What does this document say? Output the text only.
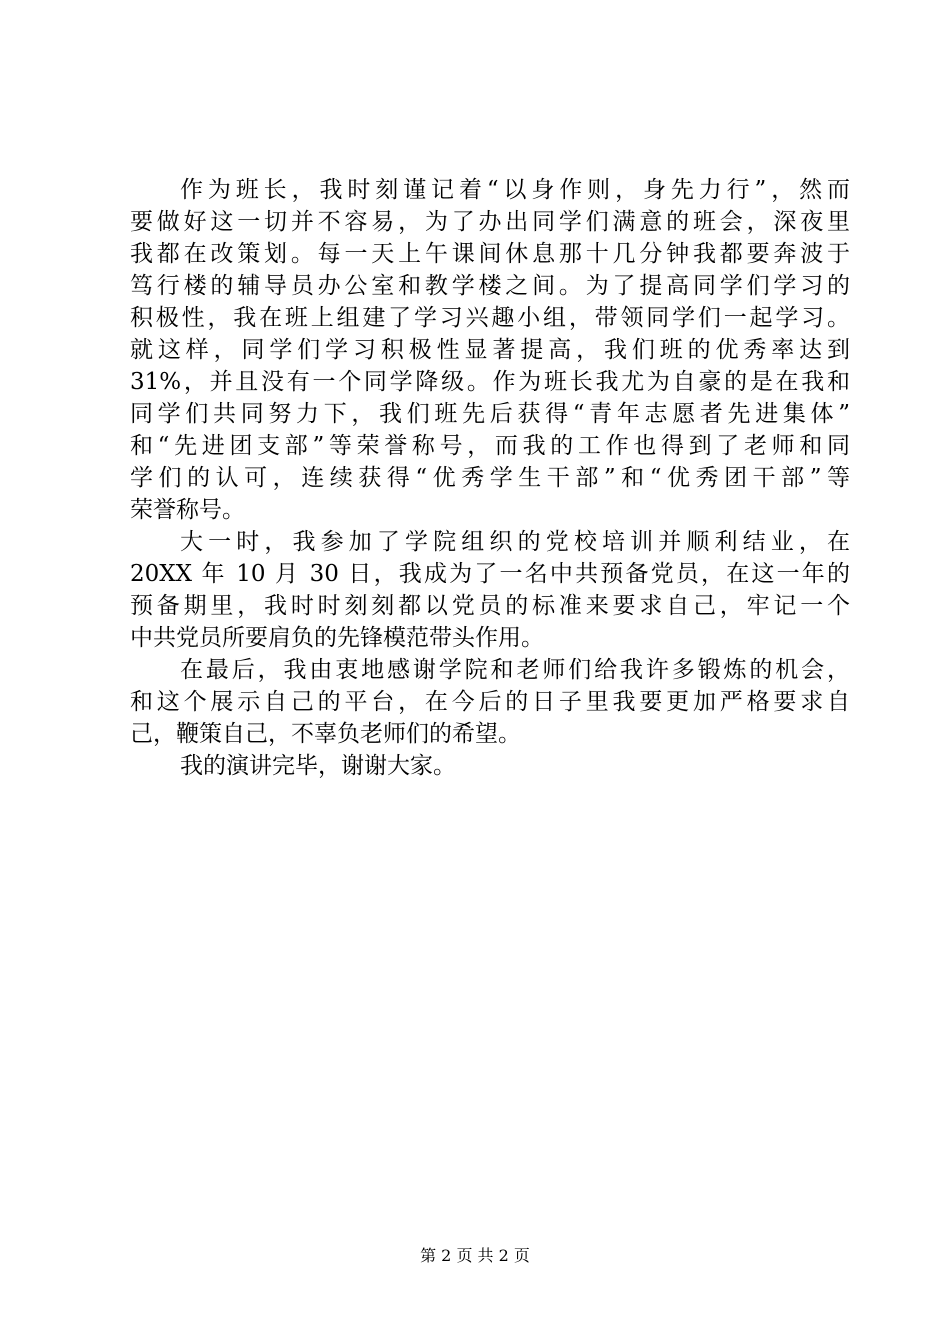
作为班长，我时刻谨记着“以身作则，身先力行”，然而
要做好这一切并不容易，为了办出同学们满意的班会，深夜里
我都在改策划。每一天上午课间休息那十几分钟我都要奔波于
笃行楼的辅导员办公室和教学楼之间。为了提高同学们学习的
积极性，我在班上组建了学习兴趣小组，带领同学们一起学习。
就这样，同学们学习积极性显著提高，我们班的优秀率达到
31%，并且没有一个同学降级。作为班长我尤为自豪的是在我和
同学们共同努力下，我们班先后获得“青年志愿者先进集体”
和“先进团支部”等荣誉称号，而我的工作也得到了老师和同
学们的认可，连续获得“优秀学生干部”和“优秀团干部”等
荣誉称号。
大一时，我参加了学院组织的党校培训并顺利结业，在
20XX 年 10 月 30 日，我成为了一名中共预备党员，在这一年的
预备期里，我时时刻刻都以党员的标准来要求自己，牢记一个
中共党员所要肩负的先锋模范带头作用。
在最后，我由衷地感谢学院和老师们给我许多锻炼的机会，
和这个展示自己的平台，在今后的日子里我要更加严格要求自
己，鞭策自己，不辜负老师们的希望。
我的演讲完毕，谢谢大家。
第 2 页 共 2 页
